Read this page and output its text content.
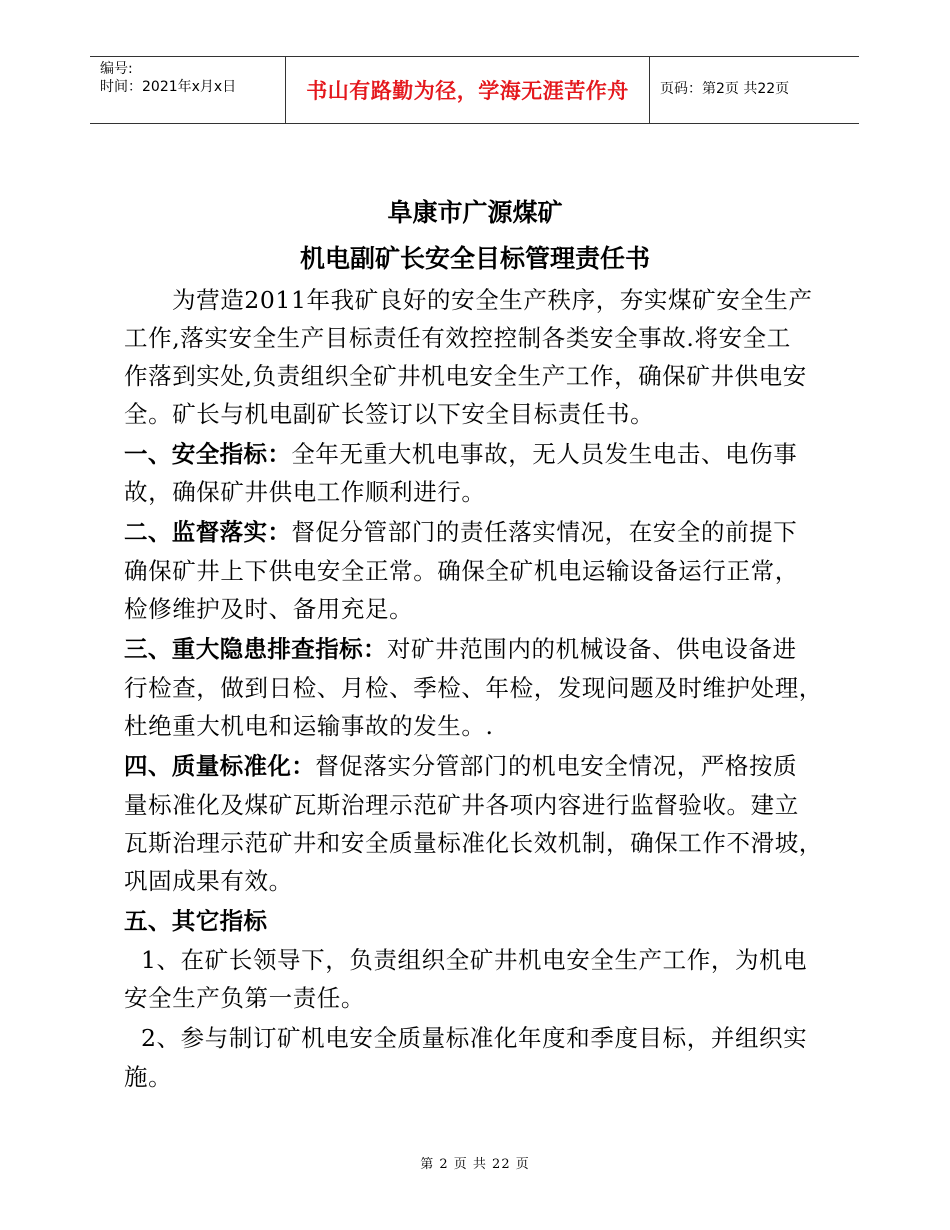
编号:
时间：2021年x月x日	书山有路勤为径，学海无涯苦作舟	页码：第2页 共22页
阜康市广源煤矿
机电副矿长安全目标管理责任书
为营造2011年我矿良好的安全生产秩序，夯实煤矿安全生产
工作,落实安全生产目标责任有效控控制各类安全事故.将安全工
作落到实处,负责组织全矿井机电安全生产工作，确保矿井供电安
全。矿长与机电副矿长签订以下安全目标责任书。
一、安全指标：全年无重大机电事故，无人员发生电击、电伤事
故，确保矿井供电工作顺利进行。
二、监督落实：督促分管部门的责任落实情况，在安全的前提下
确保矿井上下供电安全正常。确保全矿机电运输设备运行正常，
检修维护及时、备用充足。
三、重大隐患排查指标：对矿井范围内的机械设备、供电设备进
行检查，做到日检、月检、季检、年检，发现问题及时维护处理，
杜绝重大机电和运输事故的发生。.
四、质量标准化：督促落实分管部门的机电安全情况，严格按质
量标准化及煤矿瓦斯治理示范矿井各项内容进行监督验收。建立
瓦斯治理示范矿井和安全质量标准化长效机制，确保工作不滑坡，
巩固成果有效。
五、其它指标
1、在矿长领导下，负责组织全矿井机电安全生产工作，为机电
安全生产负第一责任。
2、参与制订矿机电安全质量标准化年度和季度目标，并组织实
施。
第 2 页 共 22 页
